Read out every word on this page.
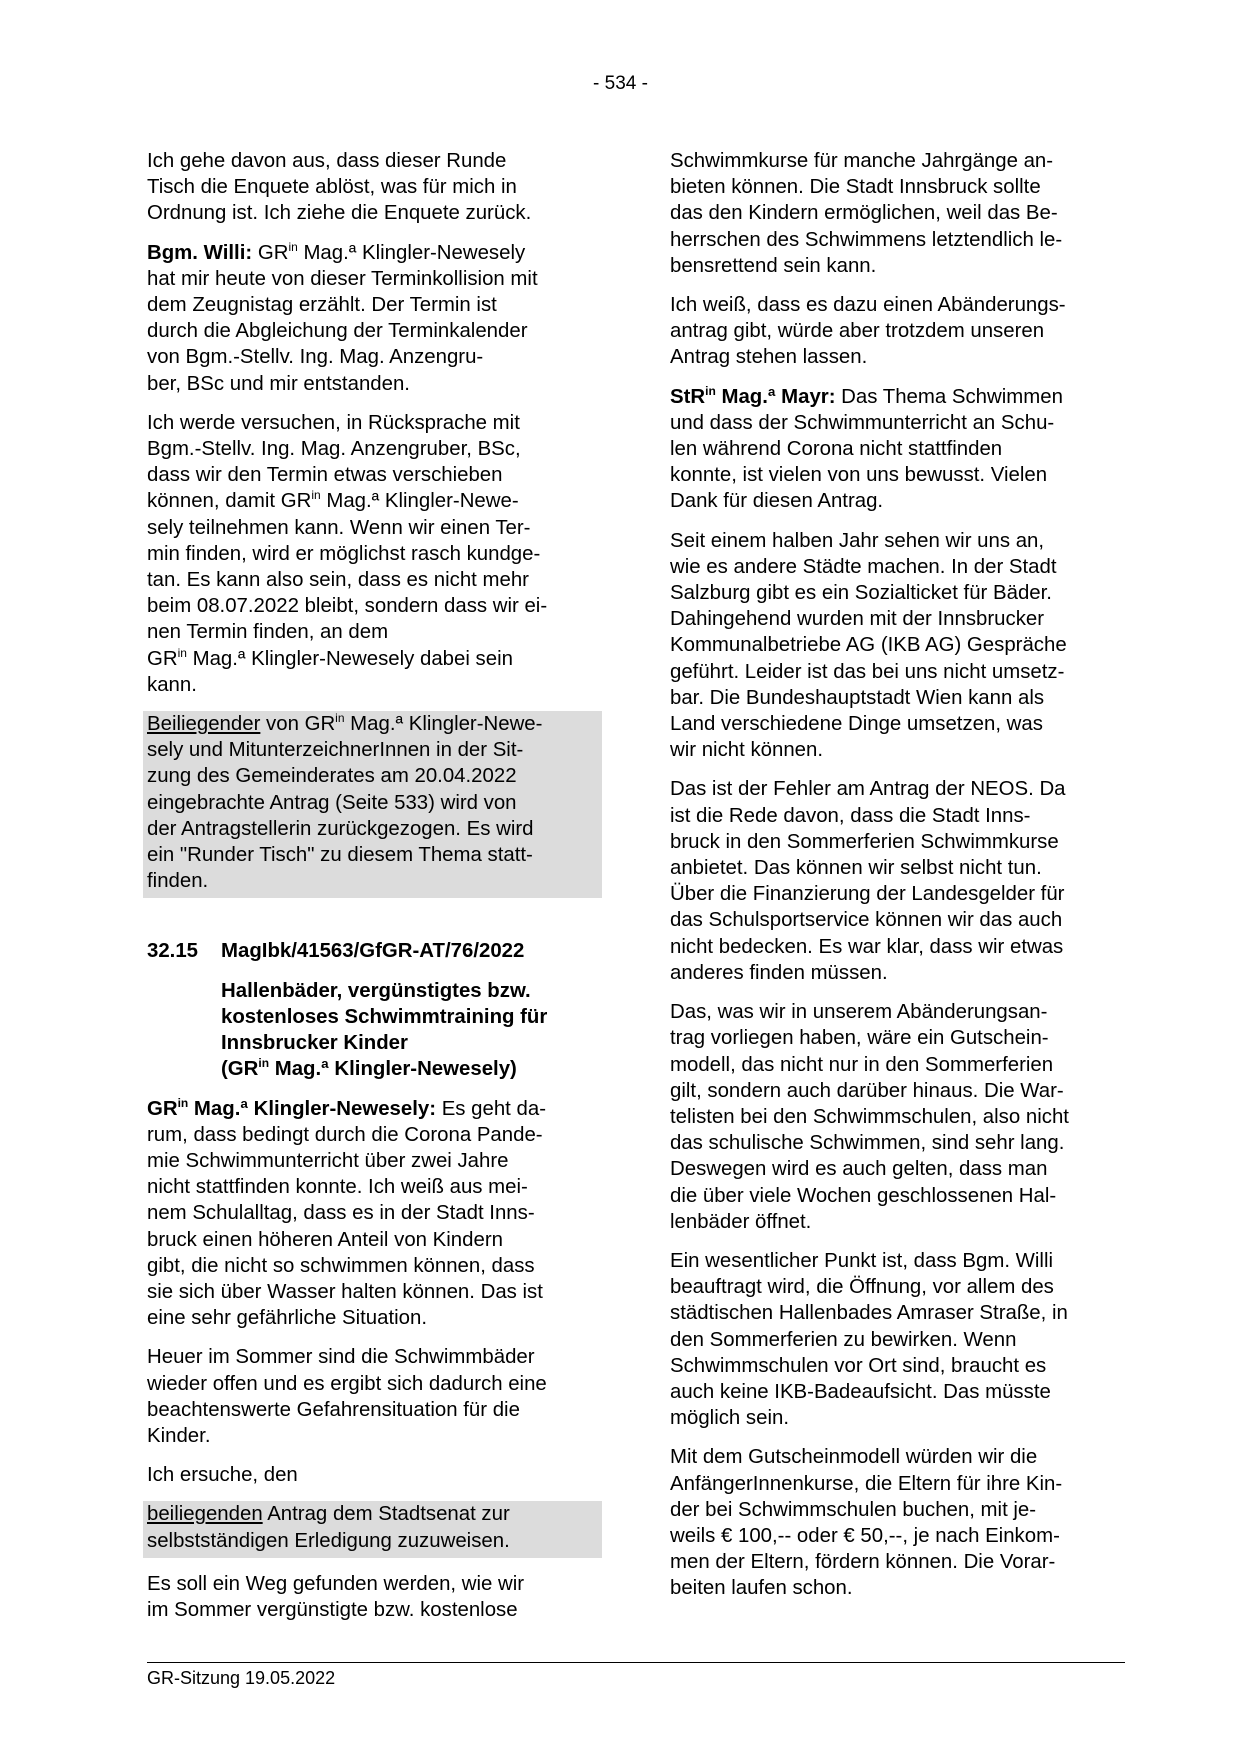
- 534 -

Ich gehe davon aus, dass dieser Runde
Tisch die Enquete ablöst, was für mich in
Ordnung ist. Ich ziehe die Enquete zurück.

Bgm. Willi: $GR^{in}$ Mag.ª Klingler-Newesely
hat mir heute von dieser Terminkollision mit
dem Zeugnistag erzählt. Der Termin ist
durch die Abgleichung der Terminkalender
von Bgm.-Stellv. Ing. Mag. Anzengru-
ber, BSc und mir entstanden.

Ich werde versuchen, in Rücksprache mit
Bgm.-Stellv. Ing. Mag. Anzengruber, BSc,
dass wir den Termin etwas verschieben
können, damit $GR^{in}$ Mag.ª Klingler-Newe-
sely teilnehmen kann. Wenn wir einen Ter-
min finden, wird er möglichst rasch kundge-
tan. Es kann also sein, dass es nicht mehr
beim 08.07.2022 bleibt, sondern dass wir ei-
nen Termin finden, an dem
$GR^{in}$ Mag.ª Klingler-Newesely dabei sein
kann.

Beiliegender von $GR^{in}$ Mag.ª Klingler-Newe-
sely und MitunterzeichnerInnen in der Sit-
zung des Gemeinderates am 20.04.2022
eingebrachte Antrag (Seite 533) wird von
der Antragstellerin zurückgezogen. Es wird
ein "Runder Tisch" zu diesem Thema statt-
finden.

32.15	MagIbk/41563/GfGR-AT/76/2022
Hallenbäder, vergünstigtes bzw.
kostenloses Schwimmtraining für
Innsbrucker Kinder
($GR^{in}$ Mag.ª Klingler-Newesely)

$GR^{in}$ Mag.ª Klingler-Newesely: Es geht da-
rum, dass bedingt durch die Corona Pande-
mie Schwimmunterricht über zwei Jahre
nicht stattfinden konnte. Ich weiß aus mei-
nem Schulalltag, dass es in der Stadt Inns-
bruck einen höheren Anteil von Kindern
gibt, die nicht so schwimmen können, dass
sie sich über Wasser halten können. Das ist
eine sehr gefährliche Situation.

Heuer im Sommer sind die Schwimmbäder
wieder offen und es ergibt sich dadurch eine
beachtenswerte Gefahrensituation für die
Kinder.

Ich ersuche, den

beiliegenden Antrag dem Stadtsenat zur
selbstständigen Erledigung zuzuweisen.

Es soll ein Weg gefunden werden, wie wir
im Sommer vergünstigte bzw. kostenlose

Schwimmkurse für manche Jahrgänge an-
bieten können. Die Stadt Innsbruck sollte
das den Kindern ermöglichen, weil das Be-
herrschen des Schwimmens letztendlich le-
bensrettend sein kann.

Ich weiß, dass es dazu einen Abänderungs-
antrag gibt, würde aber trotzdem unseren
Antrag stehen lassen.

StR$^{in}$ Mag.ª Mayr: Das Thema Schwimmen
und dass der Schwimmunterricht an Schu-
len während Corona nicht stattfinden
konnte, ist vielen von uns bewusst. Vielen
Dank für diesen Antrag.

Seit einem halben Jahr sehen wir uns an,
wie es andere Städte machen. In der Stadt
Salzburg gibt es ein Sozialticket für Bäder.
Dahingehend wurden mit der Innsbrucker
Kommunalbetriebe AG (IKB AG) Gespräche
geführt. Leider ist das bei uns nicht umsetz-
bar. Die Bundeshauptstadt Wien kann als
Land verschiedene Dinge umsetzen, was
wir nicht können.

Das ist der Fehler am Antrag der NEOS. Da
ist die Rede davon, dass die Stadt Inns-
bruck in den Sommerferien Schwimmkurse
anbietet. Das können wir selbst nicht tun.
Über die Finanzierung der Landesgelder für
das Schulsportservice können wir das auch
nicht bedecken. Es war klar, dass wir etwas
anderes finden müssen.

Das, was wir in unserem Abänderungsan-
trag vorliegen haben, wäre ein Gutschein-
modell, das nicht nur in den Sommerferien
gilt, sondern auch darüber hinaus. Die War-
telisten bei den Schwimmschulen, also nicht
das schulische Schwimmen, sind sehr lang.
Deswegen wird es auch gelten, dass man
die über viele Wochen geschlossenen Hal-
lenbäder öffnet.

Ein wesentlicher Punkt ist, dass Bgm. Willi
beauftragt wird, die Öffnung, vor allem des
städtischen Hallenbades Amraser Straße, in
den Sommerferien zu bewirken. Wenn
Schwimmschulen vor Ort sind, braucht es
auch keine IKB-Badeaufsicht. Das müsste
möglich sein.

Mit dem Gutscheinmodell würden wir die
AnfängerInnenkurse, die Eltern für ihre Kin-
der bei Schwimmschulen buchen, mit je-
weils € 100,-- oder € 50,--, je nach Einkom-
men der Eltern, fördern können. Die Vorar-
beiten laufen schon.

GR-Sitzung 19.05.2022
